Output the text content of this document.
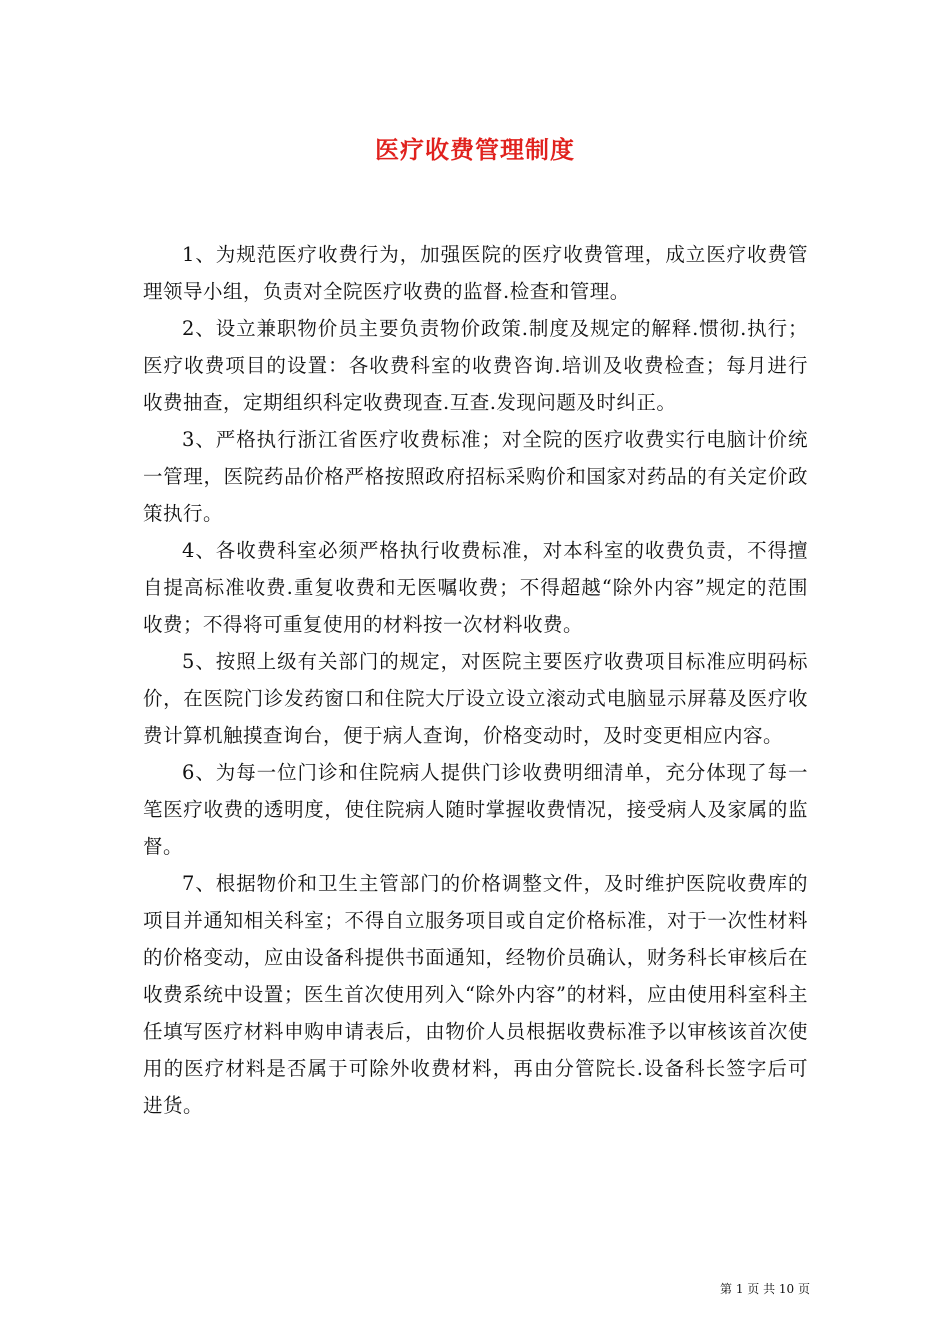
医疗收费管理制度

1、为规范医疗收费行为，加强医院的医疗收费管理，成立医疗收费管理领导小组，负责对全院医疗收费的监督.检查和管理。

2、设立兼职物价员主要负责物价政策.制度及规定的解释.惯彻.执行；医疗收费项目的设置：各收费科室的收费咨询.培训及收费检查；每月进行收费抽查，定期组织科定收费现查.互查.发现问题及时纠正。

3、严格执行浙江省医疗收费标准；对全院的医疗收费实行电脑计价统一管理，医院药品价格严格按照政府招标采购价和国家对药品的有关定价政策执行。

4、各收费科室必须严格执行收费标准，对本科室的收费负责，不得擅自提高标准收费.重复收费和无医嘱收费；不得超越“除外内容”规定的范围收费；不得将可重复使用的材料按一次材料收费。

5、按照上级有关部门的规定，对医院主要医疗收费项目标准应明码标价，在医院门诊发药窗口和住院大厅设立设立滚动式电脑显示屏幕及医疗收费计算机触摸查询台，便于病人查询，价格变动时，及时变更相应内容。

6、为每一位门诊和住院病人提供门诊收费明细清单，充分体现了每一笔医疗收费的透明度，使住院病人随时掌握收费情况，接受病人及家属的监督。

7、根据物价和卫生主管部门的价格调整文件，及时维护医院收费库的项目并通知相关科室；不得自立服务项目或自定价格标准，对于一次性材料的价格变动，应由设备科提供书面通知，经物价员确认，财务科长审核后在收费系统中设置；医生首次使用列入“除外内容”的材料，应由使用科室科主任填写医疗材料申购申请表后，由物价人员根据收费标准予以审核该首次使用的医疗材料是否属于可除外收费材料，再由分管院长.设备科长签字后可进货。

第 1 页 共 10 页
